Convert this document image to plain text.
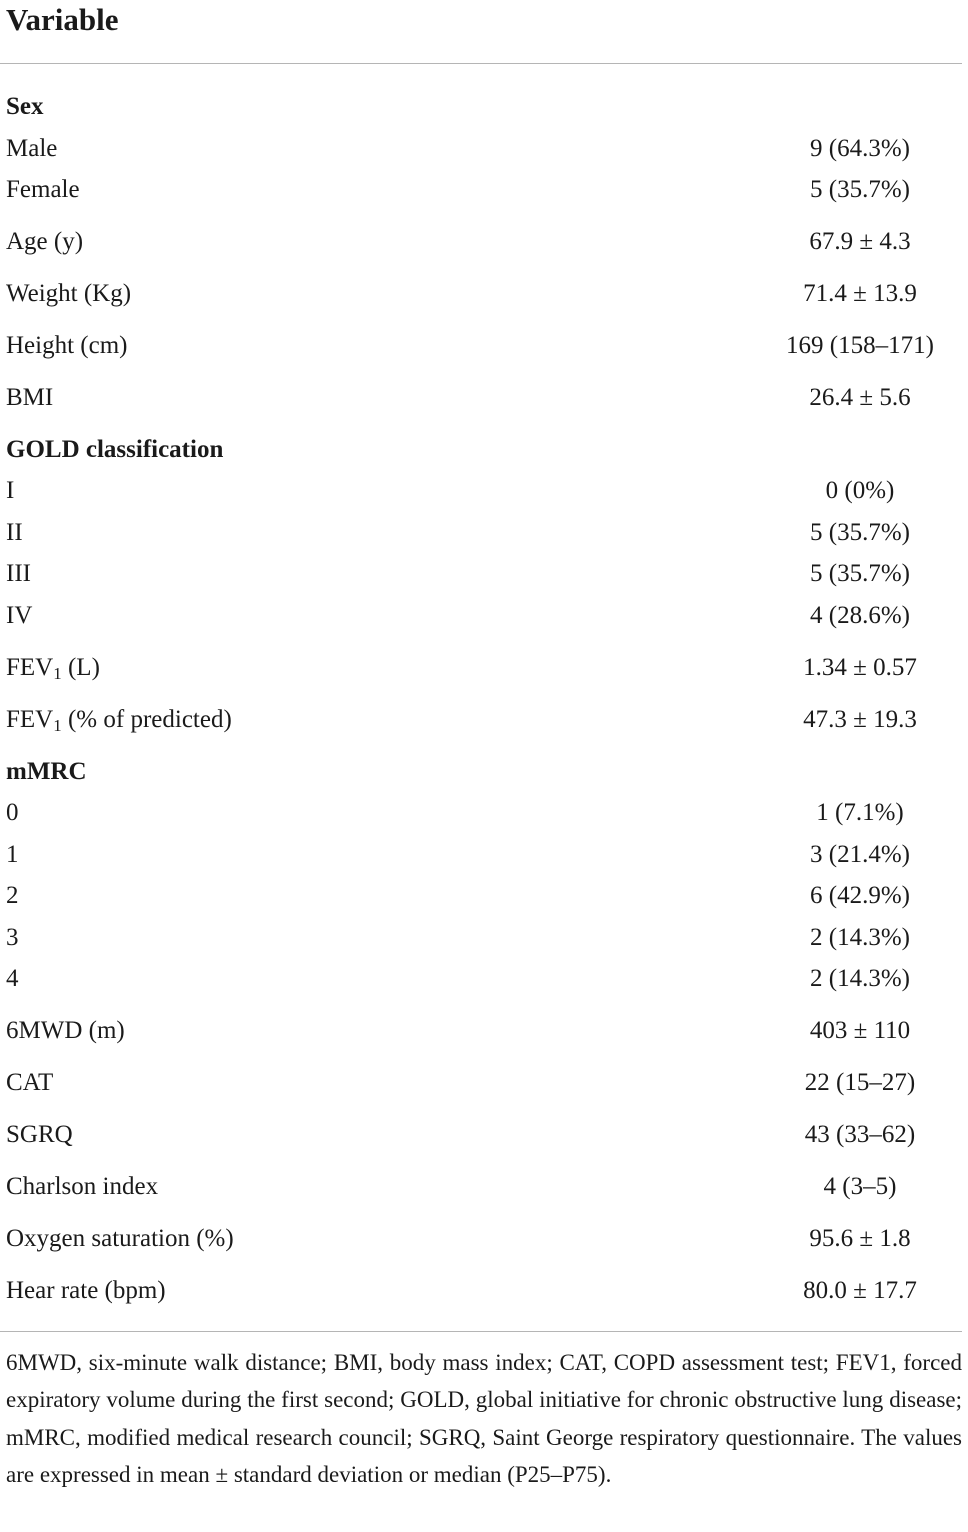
Variable
Sex
Male	9 (64.3%)
Female	5 (35.7%)
Age (y)	67.9 ± 4.3
Weight (Kg)	71.4 ± 13.9
Height (cm)	169 (158–171)
BMI	26.4 ± 5.6
GOLD classification
I	0 (0%)
II	5 (35.7%)
III	5 (35.7%)
IV	4 (28.6%)
$FEV_1$ (L)	1.34 ± 0.57
$FEV_1$ (% of predicted)	47.3 ± 19.3
mMRC
0	1 (7.1%)
1	3 (21.4%)
2	6 (42.9%)
3	2 (14.3%)
4	2 (14.3%)
6MWD (m)	403 ± 110
CAT	22 (15–27)
SGRQ	43 (33–62)
Charlson index	4 (3–5)
Oxygen saturation (%)	95.6 ± 1.8
Hear rate (bpm)	80.0 ± 17.7
6MWD, six-minute walk distance; BMI, body mass index; CAT, COPD assessment test; FEV1, forced expiratory volume during the first second; GOLD, global initiative for chronic obstructive lung disease; mMRC, modified medical research council; SGRQ, Saint George respiratory questionnaire. The values are expressed in mean ± standard deviation or median (P25–P75).
